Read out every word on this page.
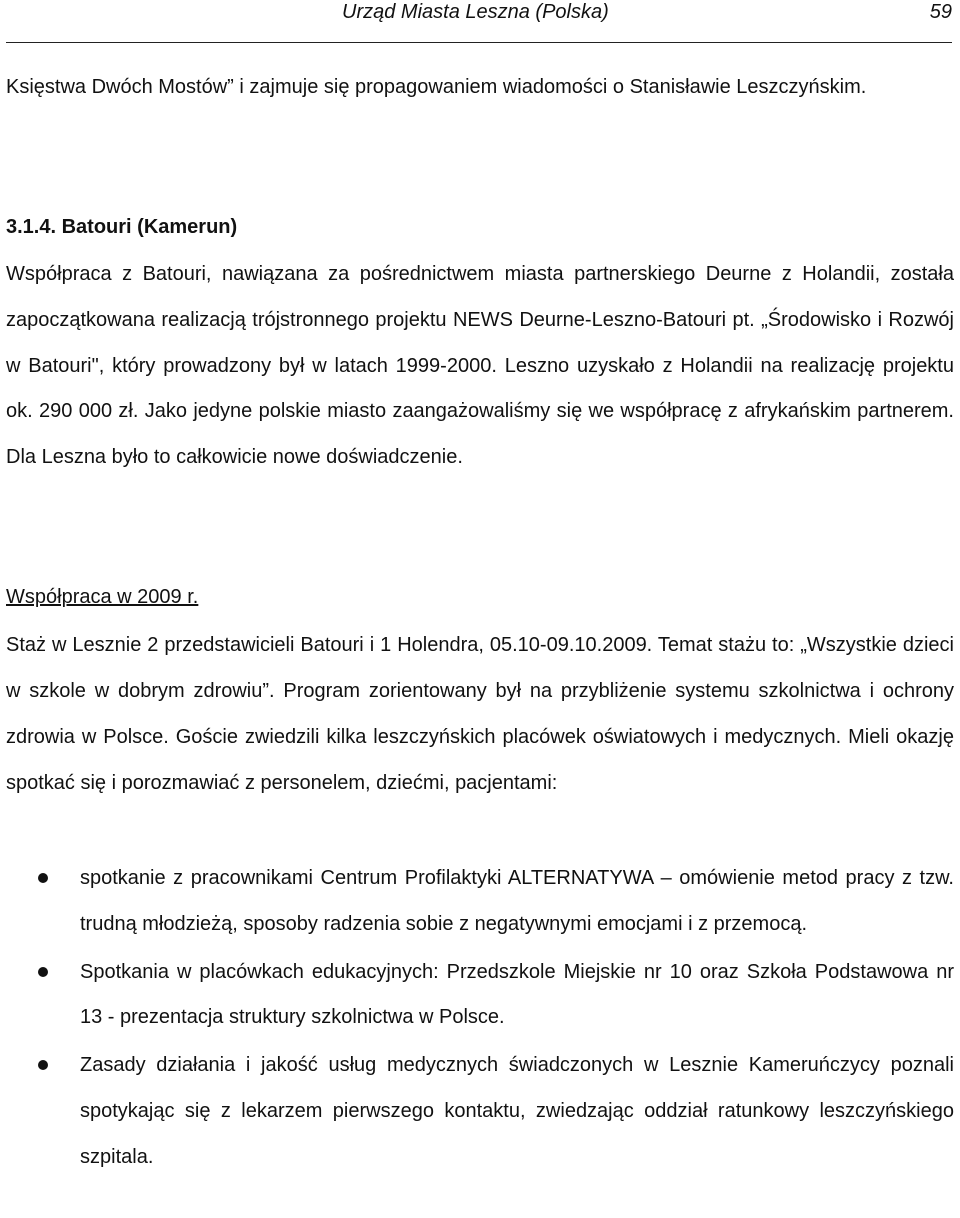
Urząd Miasta Leszna (Polska)	59
Księstwa Dwóch Mostów” i zajmuje się propagowaniem wiadomości o Stanisławie Leszczyńskim.
3.1.4. Batouri (Kamerun)
Współpraca z Batouri, nawiązana za pośrednictwem miasta partnerskiego Deurne z Holandii, została zapoczątkowana realizacją trójstronnego projektu NEWS Deurne-Leszno-Batouri pt. „Środowisko i Rozwój w Batouri", który prowadzony był w latach 1999-2000. Leszno uzyskało z Holandii na realizację projektu ok. 290 000 zł. Jako jedyne polskie miasto zaangażowaliśmy się we współpracę z afrykańskim partnerem. Dla Leszna było to całkowicie nowe doświadczenie.
Współpraca w 2009 r.
Staż w Lesznie 2 przedstawicieli Batouri i 1 Holendra, 05.10-09.10.2009. Temat stażu to: „Wszystkie dzieci w szkole w dobrym zdrowiu”. Program zorientowany był na przybliżenie systemu szkolnictwa i ochrony zdrowia w Polsce. Goście zwiedzili kilka leszczyńskich placówek oświatowych i medycznych. Mieli okazję spotkać się i porozmawiać z personelem, dziećmi, pacjentami:
spotkanie z pracownikami Centrum Profilaktyki ALTERNATYWA – omówienie metod pracy z tzw. trudną młodzieżą, sposoby radzenia sobie z negatywnymi emocjami i z przemocą.
Spotkania w placówkach edukacyjnych: Przedszkole Miejskie nr 10 oraz Szkoła Podstawowa nr 13 - prezentacja struktury szkolnictwa w Polsce.
Zasady działania i jakość usług medycznych świadczonych w Lesznie Kameruńczycy poznali spotykając się z lekarzem pierwszego kontaktu, zwiedzając oddział ratunkowy leszczyńskiego szpitala.
